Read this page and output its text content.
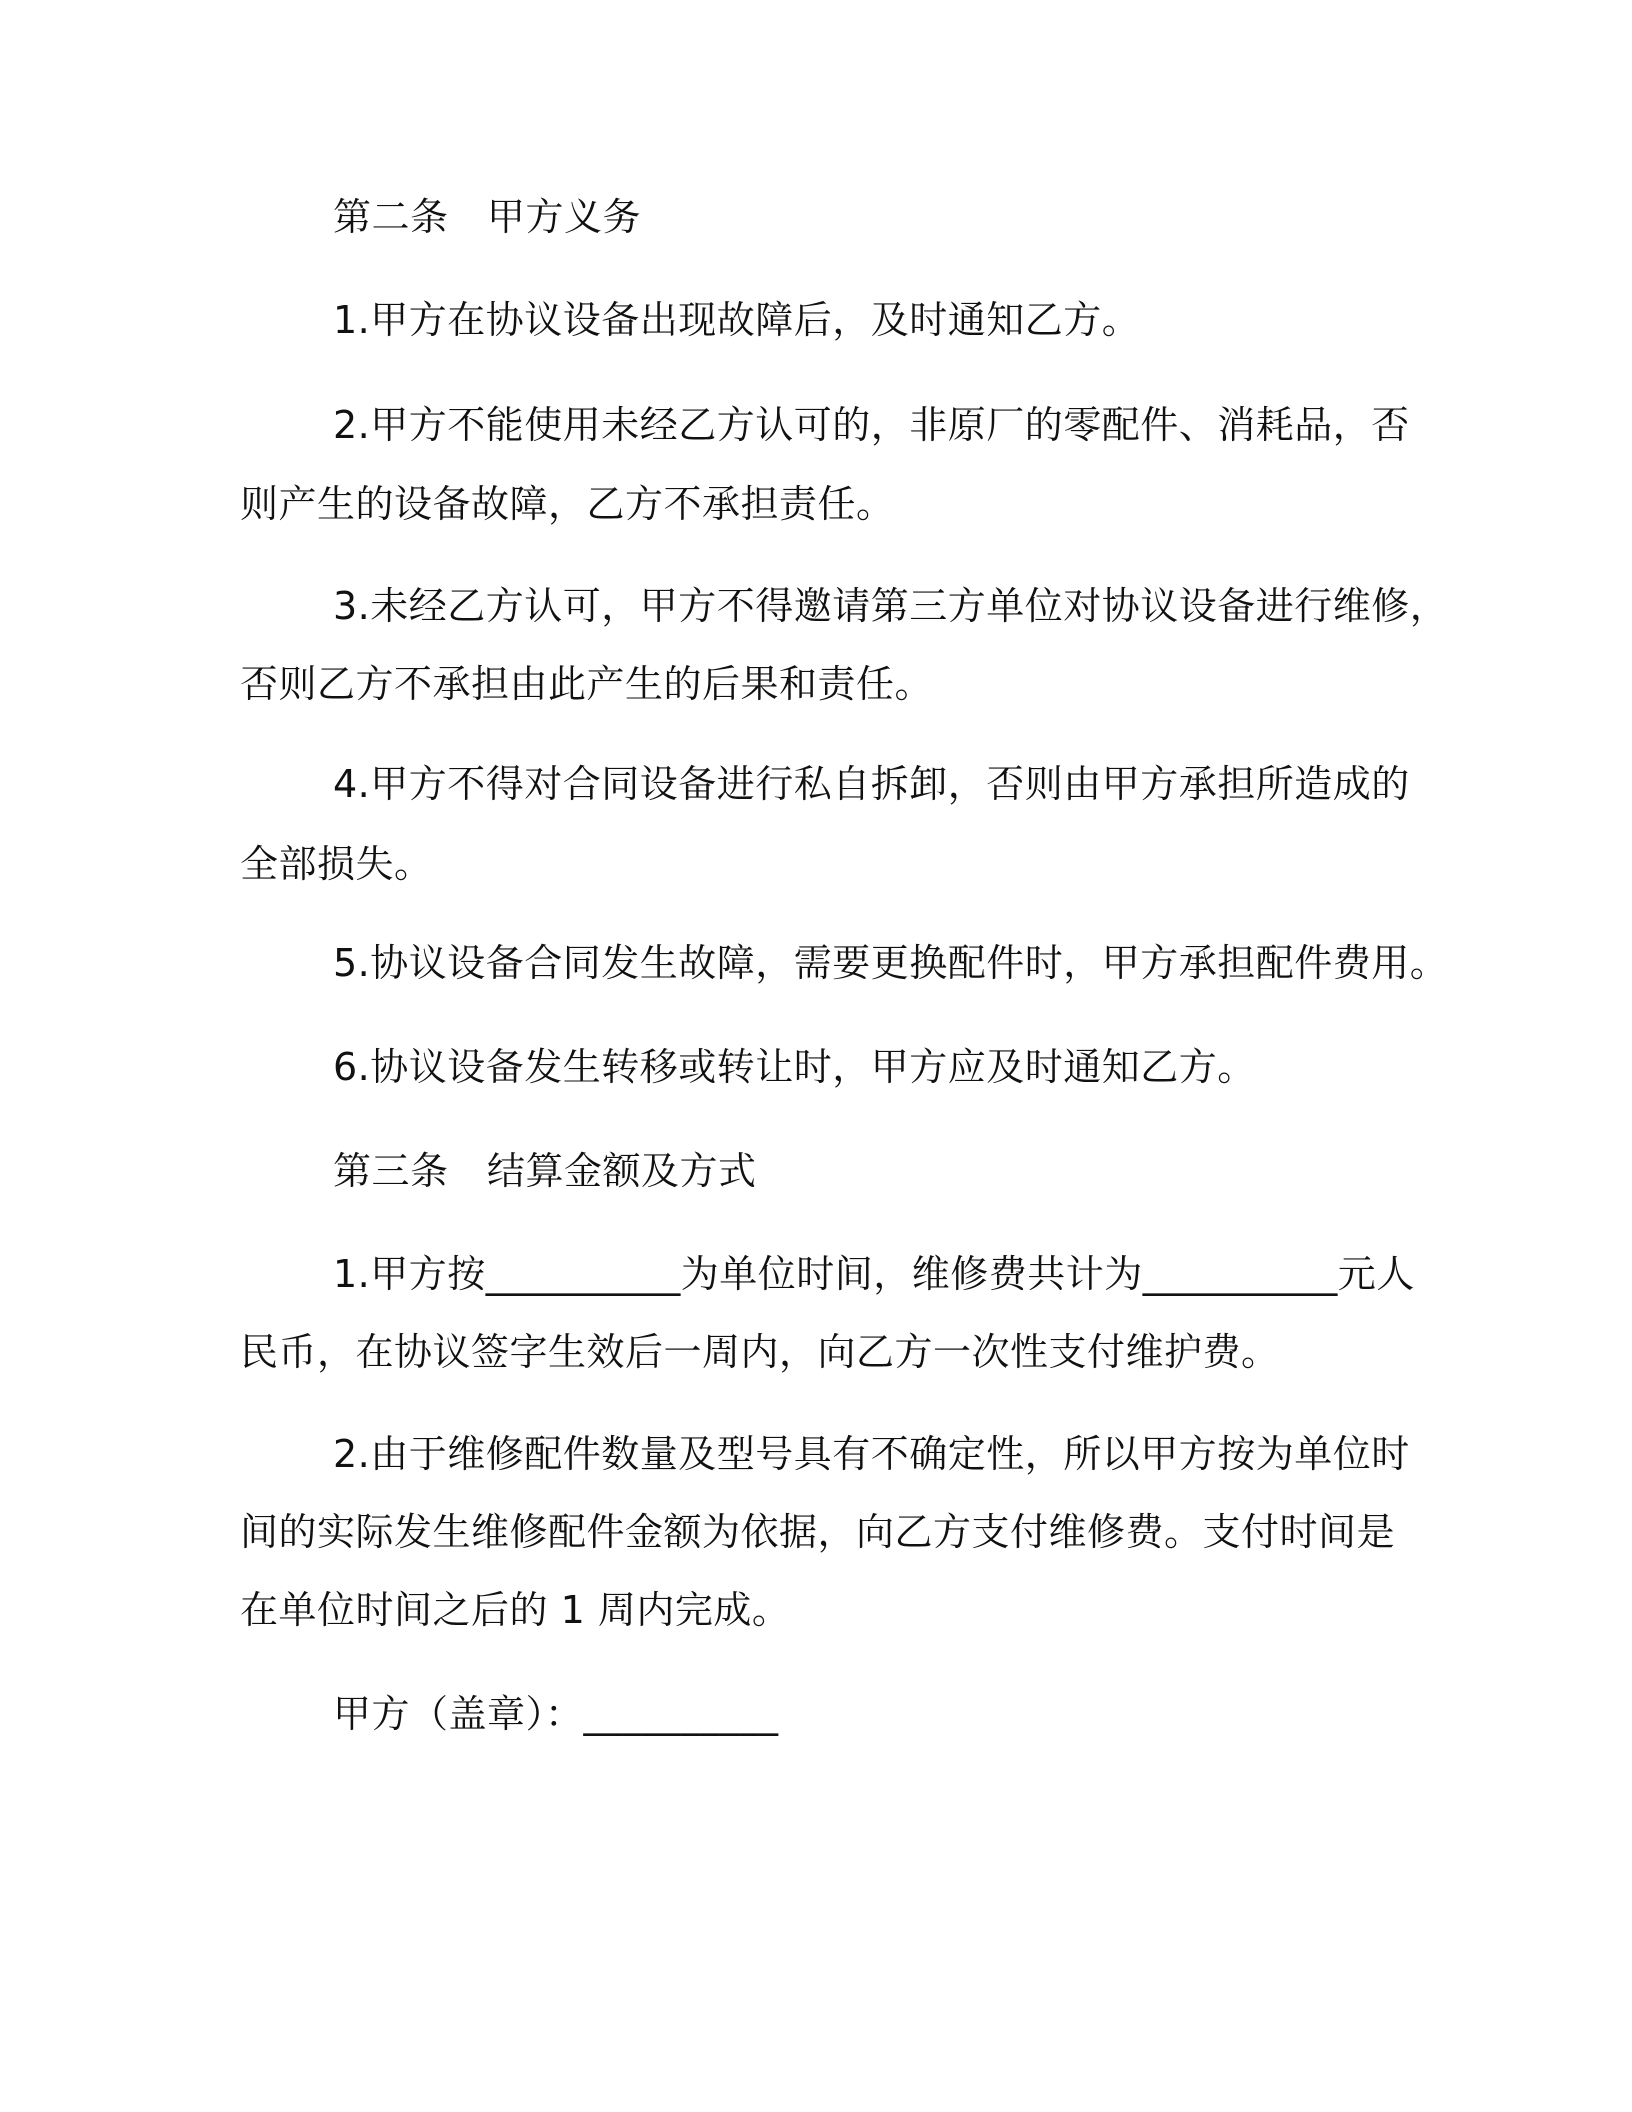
第二条　甲方义务
1.甲方在协议设备出现故障后，及时通知乙方。
2.甲方不能使用未经乙方认可的，非原厂的零配件、消耗品，否
则产生的设备故障，乙方不承担责任。
3.未经乙方认可，甲方不得邀请第三方单位对协议设备进行维修，
否则乙方不承担由此产生的后果和责任。
4.甲方不得对合同设备进行私自拆卸，否则由甲方承担所造成的
全部损失。
5.协议设备合同发生故障，需要更换配件时，甲方承担配件费用。
6.协议设备发生转移或转让时，甲方应及时通知乙方。
第三条　结算金额及方式
1.甲方按__________为单位时间，维修费共计为__________元人
民币，在协议签字生效后一周内，向乙方一次性支付维护费。
2.由于维修配件数量及型号具有不确定性，所以甲方按为单位时
间的实际发生维修配件金额为依据，向乙方支付维修费。支付时间是
在单位时间之后的 1 周内完成。
甲方（盖章）：__________
